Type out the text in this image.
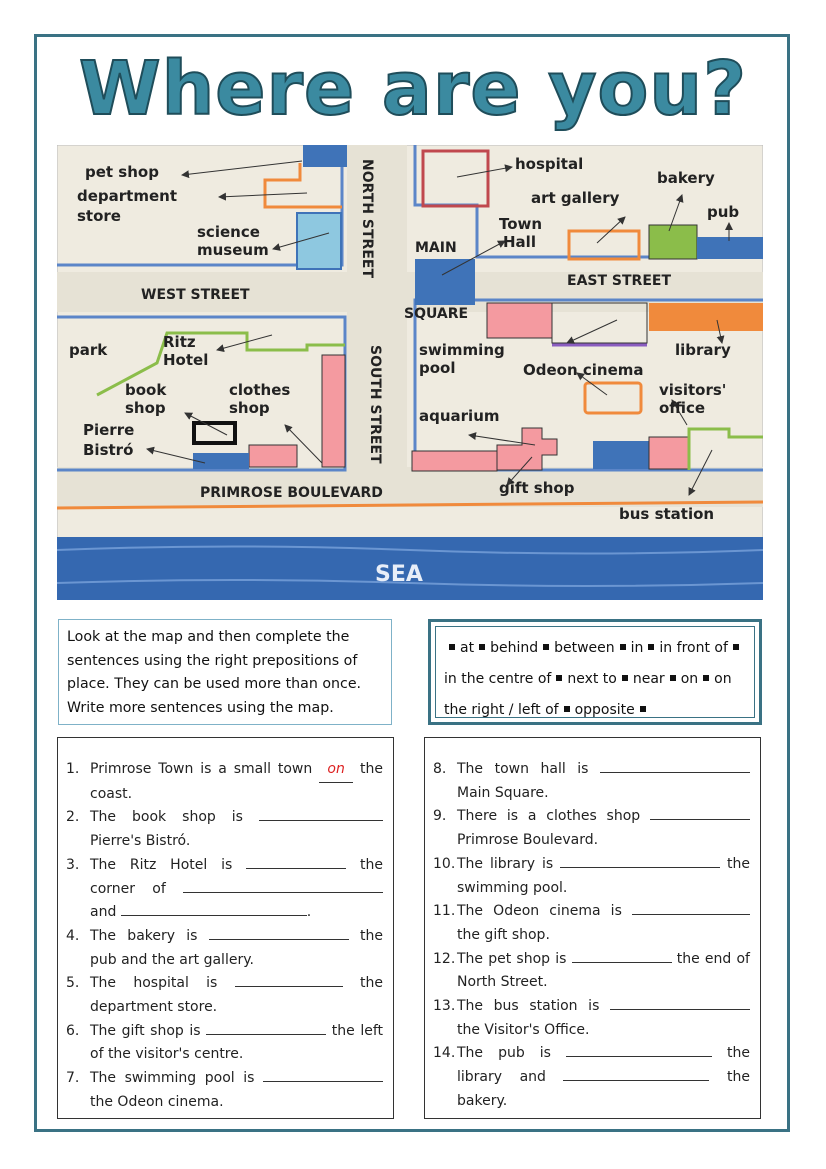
Where are you?
pet shop
department
store
science
museum
hospital
bakery
art gallery
pub
Town
Hall
park	Ritz
Hotel
book
shop
clothes
shop
Pierre
Bistró
swimming
pool
library
Odeon cinema
visitors'
office
aquarium
gift shop
bus station
WEST STREET
EAST STREET
MAIN
SQUARE
PRIMROSE BOULEVARD
NORTH STREET
SOUTH STREET
SEA
Look at the map and then complete the sentences using the right prepositions of place. They can be used more than once. Write more sentences using the map.
at behind between in in front ofin the centre of next to near on on the right / left of opposite
1. Primrose Town is a small town on the coast.
2. The book shop is  Pierre's Bistró.
3. The Ritz Hotel is	the corner of  and	.
4. The bakery is	the pub and the art gallery.
5. The hospital is	the department store.
6. The gift shop is	the left of the visitor's centre.
7. The swimming pool is  the Odeon cinema.
8. The town hall is  Main Square.
9. There is a clothes shop  Primrose Boulevard.
10. The library is	the swimming pool.
11. The Odeon cinema is  the gift shop.
12. The pet shop is	the end of North Street.
13. The bus station is  the Visitor's Office.
14. The pub is	the library and	the bakery.
